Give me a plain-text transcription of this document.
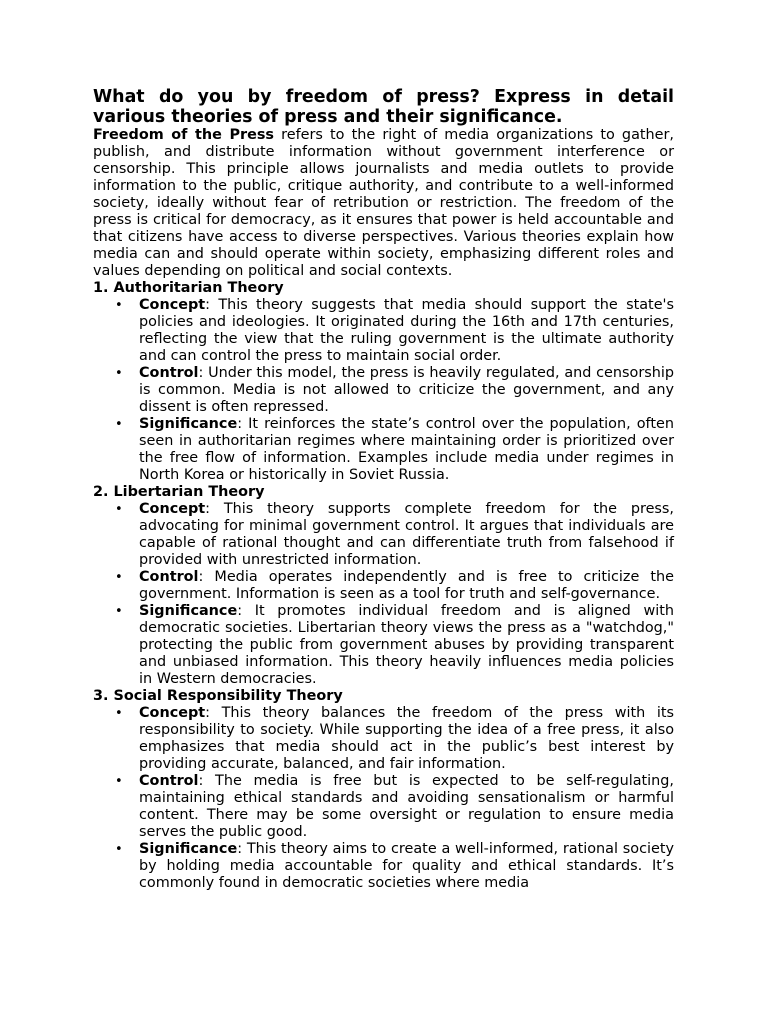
What do you by freedom of press? Express in detail various theories of press and their significance.

Freedom of the Press refers to the right of media organizations to gather, publish, and distribute information without government interference or censorship. This principle allows journalists and media outlets to provide information to the public, critique authority, and contribute to a well-informed society, ideally without fear of retribution or restriction. The freedom of the press is critical for democracy, as it ensures that power is held accountable and that citizens have access to diverse perspectives. Various theories explain how media can and should operate within society, emphasizing different roles and values depending on political and social contexts.

1. Authoritarian Theory
• Concept: This theory suggests that media should support the state's policies and ideologies. It originated during the 16th and 17th centuries, reflecting the view that the ruling government is the ultimate authority and can control the press to maintain social order.
• Control: Under this model, the press is heavily regulated, and censorship is common. Media is not allowed to criticize the government, and any dissent is often repressed.
• Significance: It reinforces the state’s control over the population, often seen in authoritarian regimes where maintaining order is prioritized over the free flow of information. Examples include media under regimes in North Korea or historically in Soviet Russia.
2. Libertarian Theory
• Concept: This theory supports complete freedom for the press, advocating for minimal government control. It argues that individuals are capable of rational thought and can differentiate truth from falsehood if provided with unrestricted information.
• Control: Media operates independently and is free to criticize the government. Information is seen as a tool for truth and self-governance.
• Significance: It promotes individual freedom and is aligned with democratic societies. Libertarian theory views the press as a "watchdog," protecting the public from government abuses by providing transparent and unbiased information. This theory heavily influences media policies in Western democracies.
3. Social Responsibility Theory
• Concept: This theory balances the freedom of the press with its responsibility to society. While supporting the idea of a free press, it also emphasizes that media should act in the public’s best interest by providing accurate, balanced, and fair information.
• Control: The media is free but is expected to be self-regulating, maintaining ethical standards and avoiding sensationalism or harmful content. There may be some oversight or regulation to ensure media serves the public good.
• Significance: This theory aims to create a well-informed, rational society by holding media accountable for quality and ethical standards. It’s commonly found in democratic societies where media
